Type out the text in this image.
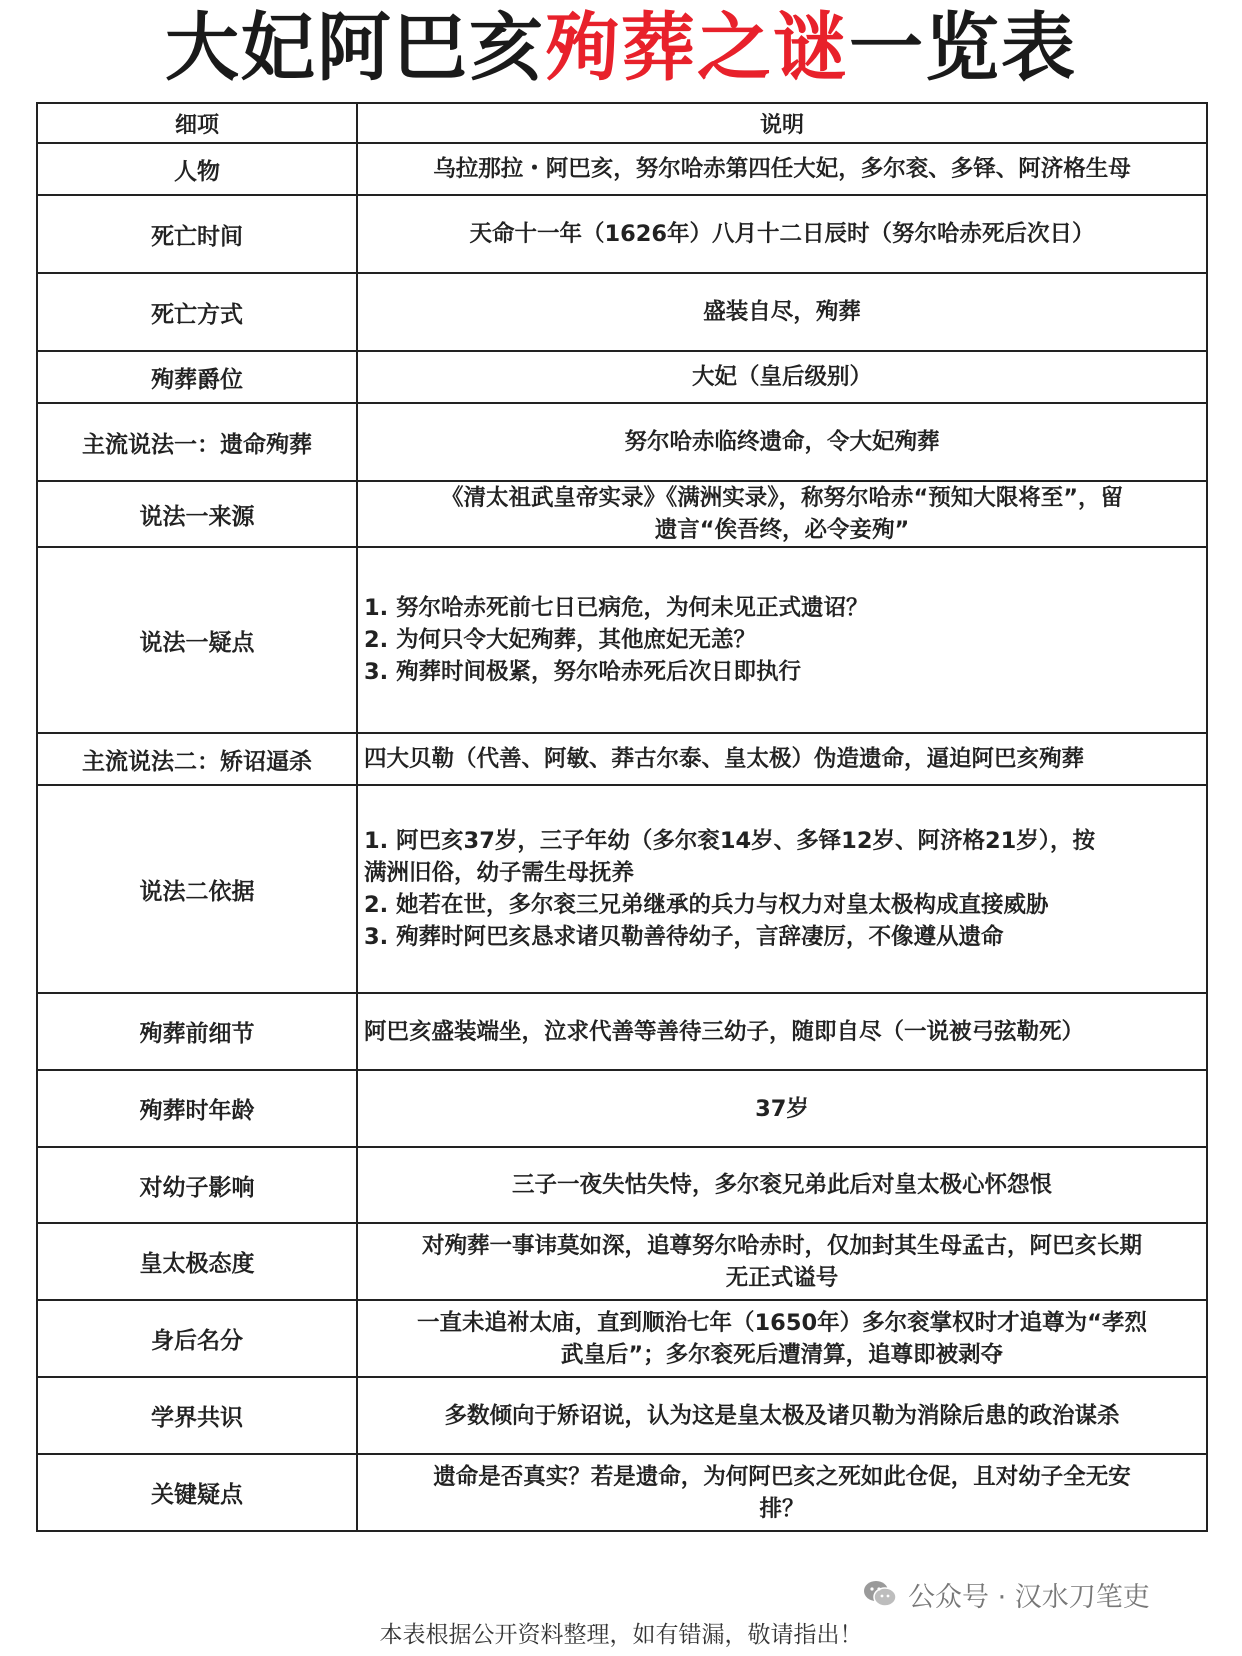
大妃阿巴亥殉葬之谜一览表
细项	说明
人物	乌拉那拉・阿巴亥，努尔哈赤第四任大妃，多尔衮、多铎、阿济格生母

死亡时间	天命十一年（1626年）八月十二日辰时（努尔哈赤死后次日）

死亡方式	盛装自尽，殉葬

殉葬爵位	大妃（皇后级别）

主流说法一：遗命殉葬	努尔哈赤临终遗命，令大妃殉葬

说法一来源	《清太祖武皇帝实录》《满洲实录》，称努尔哈赤“预知大限将至”，留
遗言“俟吾终，必令妾殉”

说法一疑点	1. 努尔哈赤死前七日已病危，为何未见正式遗诏？
2. 为何只令大妃殉葬，其他庶妃无恙？
3. 殉葬时间极紧，努尔哈赤死后次日即执行

主流说法二：矫诏逼杀	四大贝勒（代善、阿敏、莽古尔泰、皇太极）伪造遗命，逼迫阿巴亥殉葬

说法二依据	1. 阿巴亥37岁，三子年幼（多尔衮14岁、多铎12岁、阿济格21岁），按
满洲旧俗，幼子需生母抚养
2. 她若在世，多尔衮三兄弟继承的兵力与权力对皇太极构成直接威胁
3. 殉葬时阿巴亥恳求诸贝勒善待幼子，言辞凄厉，不像遵从遗命

殉葬前细节	阿巴亥盛装端坐，泣求代善等善待三幼子，随即自尽（一说被弓弦勒死）

殉葬时年龄	37岁

对幼子影响	三子一夜失怙失恃，多尔衮兄弟此后对皇太极心怀怨恨

皇太极态度	对殉葬一事讳莫如深，追尊努尔哈赤时，仅加封其生母孟古，阿巴亥长期
无正式谥号

身后名分	一直未追祔太庙，直到顺治七年（1650年）多尔衮掌权时才追尊为“孝烈
武皇后”；多尔衮死后遭清算，追尊即被剥夺

学界共识	多数倾向于矫诏说，认为这是皇太极及诸贝勒为消除后患的政治谋杀

关键疑点	遗命是否真实？若是遗命，为何阿巴亥之死如此仓促，且对幼子全无安
排？
公众号 · 汉水刀笔吏
本表根据公开资料整理，如有错漏，敬请指出！
